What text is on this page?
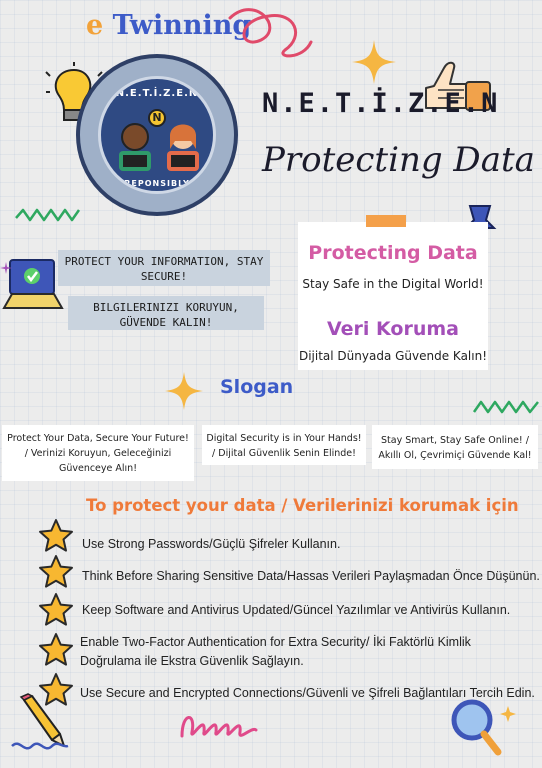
e Twinning
N.E.T.İ.Z.E.N
N
REPONSIBLY
N.E.T.İ.Z.E.N
Protecting Data
PROTECT YOUR INFORMATION, STAY SECURE!
BILGILERINIZI KORUYUN, GÜVENDE KALIN!
Protecting Data
Stay Safe in the Digital World!
Veri Koruma
Dijital Dünyada Güvende Kalın!
Slogan
Protect Your Data, Secure Your Future! / Verinizi Koruyun, Geleceğinizi Güvenceye Alın!
Digital Security is in Your Hands! / Dijital Güvenlik Senin Elinde!
Stay Smart, Stay Safe Online! / Akıllı Ol, Çevrimiçi Güvende Kal!
To protect your data / Verilerinizi korumak için
Use Strong Passwords/Güçlü Şifreler Kullanın.
Think Before Sharing Sensitive Data/Hassas Verileri Paylaşmadan Önce Düşünün.
Keep Software and Antivirus Updated/Güncel Yazılımlar ve Antivirüs Kullanın.
Enable Two-Factor Authentication for Extra Security/ İki Faktörlü Kimlik
Doğrulama ile Ekstra Güvenlik Sağlayın.
Use Secure and Encrypted Connections/Güvenli ve Şifreli Bağlantıları Tercih Edin.
